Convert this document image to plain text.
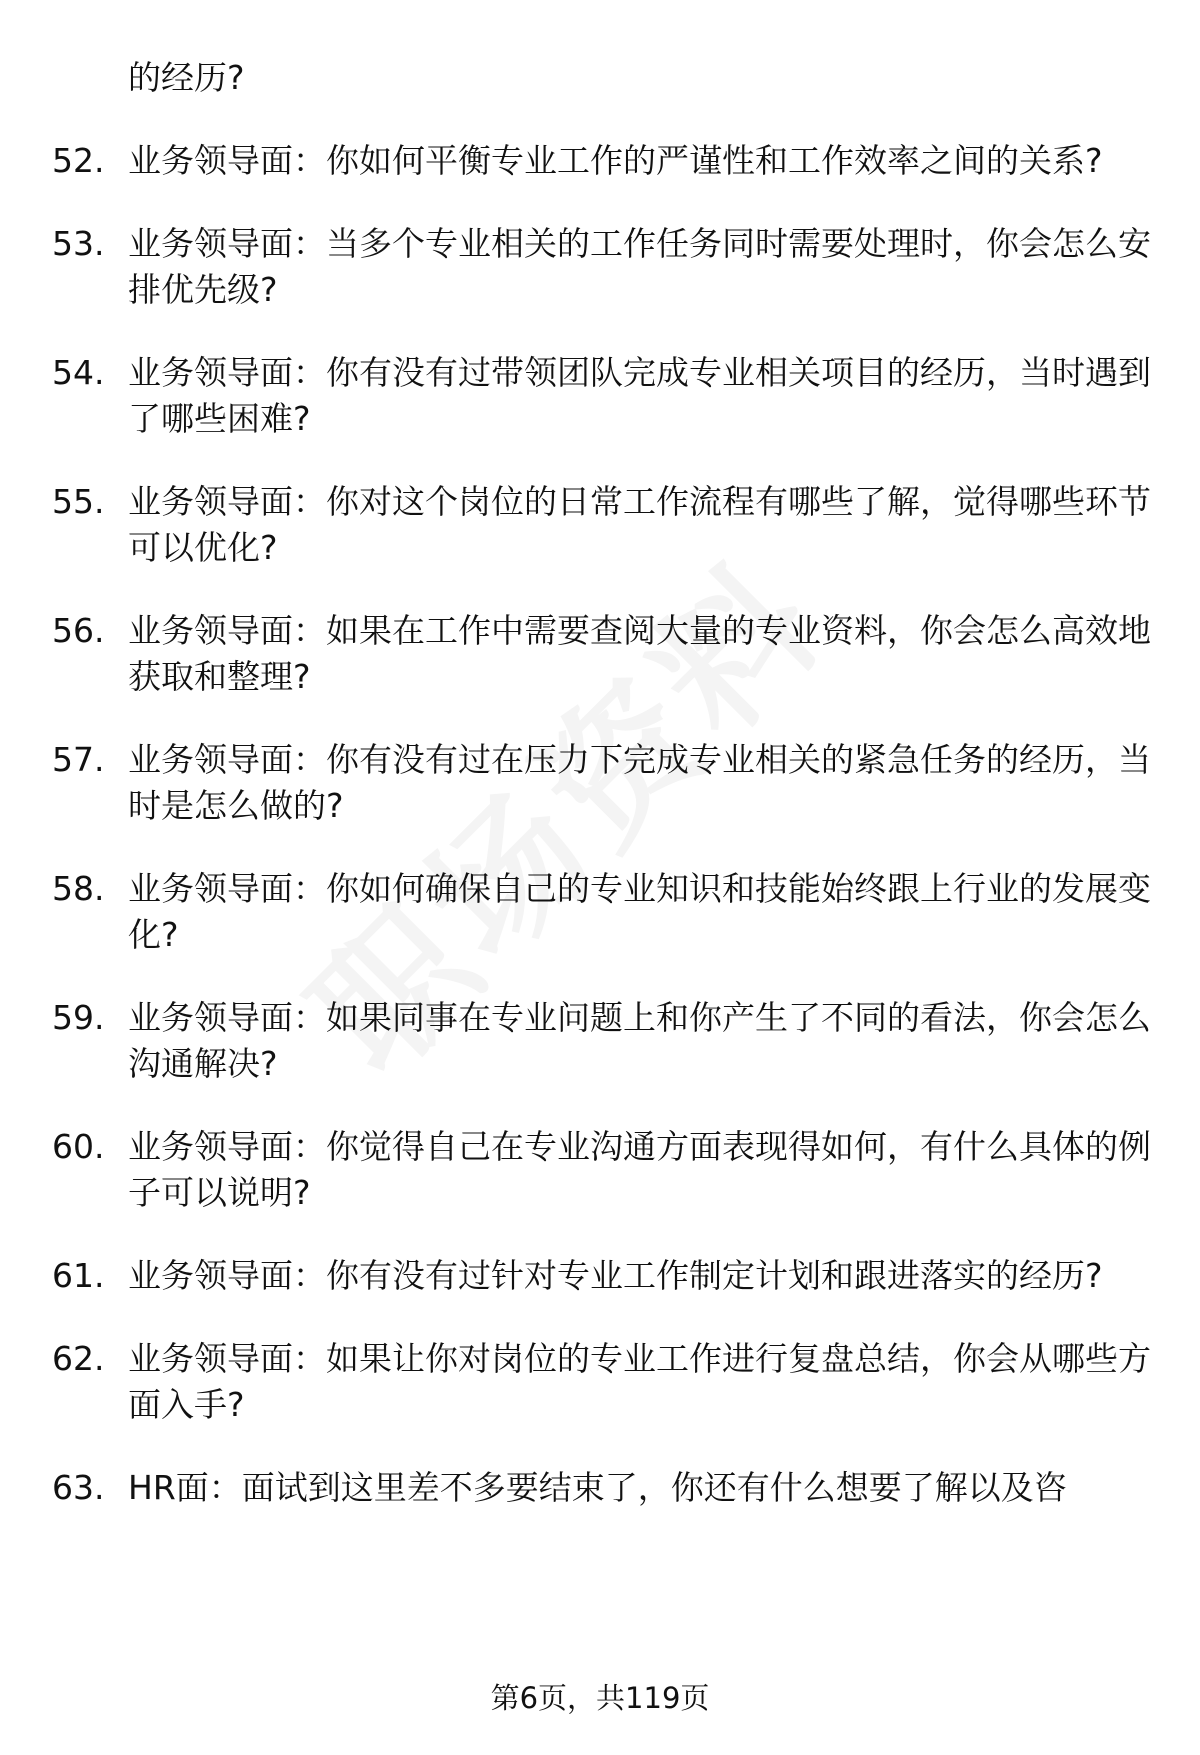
的经历?
52. 业务领导面：你如何平衡专业工作的严谨性和工作效率之间的关系?
53. 业务领导面：当多个专业相关的工作任务同时需要处理时，你会怎么安排优先级?
54. 业务领导面：你有没有过带领团队完成专业相关项目的经历，当时遇到了哪些困难?
55. 业务领导面：你对这个岗位的日常工作流程有哪些了解，觉得哪些环节可以优化?
56. 业务领导面：如果在工作中需要查阅大量的专业资料，你会怎么高效地获取和整理?
57. 业务领导面：你有没有过在压力下完成专业相关的紧急任务的经历，当时是怎么做的?
58. 业务领导面：你如何确保自己的专业知识和技能始终跟上行业的发展变化?
59. 业务领导面：如果同事在专业问题上和你产生了不同的看法，你会怎么沟通解决?
60. 业务领导面：你觉得自己在专业沟通方面表现得如何，有什么具体的例子可以说明?
61. 业务领导面：你有没有过针对专业工作制定计划和跟进落实的经历?
62. 业务领导面：如果让你对岗位的专业工作进行复盘总结，你会从哪些方面入手?
63. HR面：面试到这里差不多要结束了，你还有什么想要了解以及咨
第6页，共119页
